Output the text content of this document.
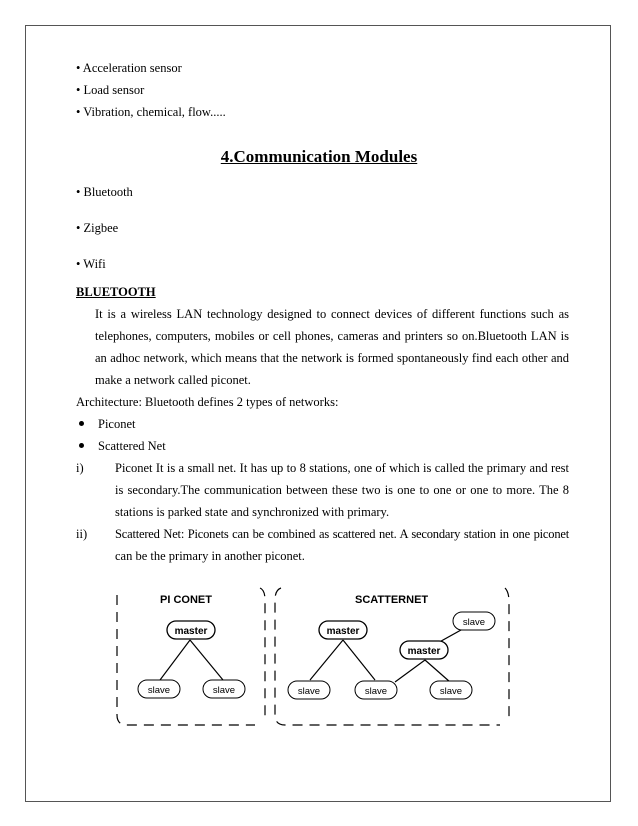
• Acceleration sensor
• Load sensor
• Vibration, chemical, flow.....
4.Communication Modules
• Bluetooth
• Zigbee
• Wifi
BLUETOOTH
It is a wireless LAN technology designed to connect devices of different functions such as
telephones, computers, mobiles or cell phones, cameras and printers so on.Bluetooth LAN is
an adhoc network, which means that the network is formed spontaneously find each other and
make a network called piconet.
Architecture: Bluetooth defines 2 types of networks:
Piconet
Scattered Net
i)	Piconet It is a small net. It has up to 8 stations, one of which is called the primary and rest
is secondary.The communication between these two is one to one or one to more. The 8
stations is parked state and synchronized with primary.
ii) Scattered Net: Piconets can be combined as scattered net. A secondary station in one piconet
can be the primary in another piconet.
PI CONET	SCATTERNET
master
slave	slave
master
master
slave
slave	slave	slave
